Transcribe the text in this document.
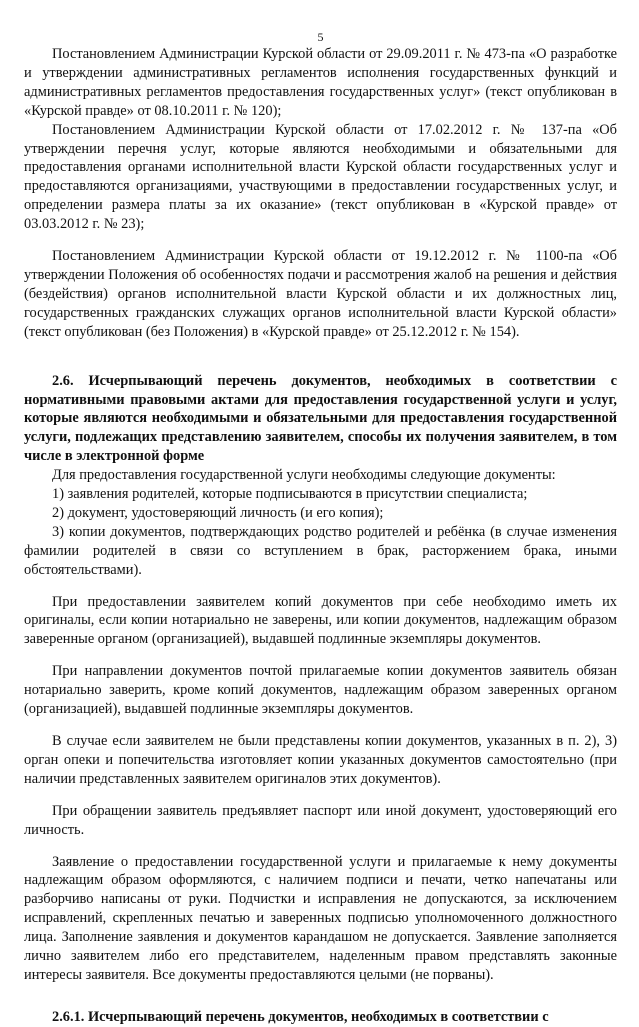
5

Постановлением Администрации Курской области от 29.09.2011 г. № 473-па «О разработке и утверждении административных регламентов исполнения государственных функций и административных регламентов предоставления государственных услуг» (текст опубликован в «Курской правде» от 08.10.2011 г. № 120);

Постановлением Администрации Курской области от 17.02.2012 г. № 137-па «Об утверждении перечня услуг, которые являются необходимыми и обязательными для предоставления органами исполнительной власти Курской области государственных услуг и предоставляются организациями, участвующими в предоставлении государственных услуг, и определении размера платы за их оказание» (текст опубликован в «Курской правде» от 03.03.2012 г. № 23);

Постановлением Администрации Курской области от 19.12.2012 г. № 1100-па «Об утверждении Положения об особенностях подачи и рассмотрения жалоб на решения и действия (бездействия) органов исполнительной власти Курской области и их должностных лиц, государственных гражданских служащих органов исполнительной власти Курской области» (текст опубликован (без Положения) в «Курской правде» от 25.12.2012 г. № 154).

2.6. Исчерпывающий перечень документов, необходимых в соответствии с нормативными правовыми актами для предоставления государственной услуги и услуг, которые являются необходимыми и обязательными для предоставления государственной услуги, подлежащих представлению заявителем, способы их получения заявителем, в том числе в электронной форме

Для предоставления государственной услуги необходимы следующие документы:

1) заявления родителей, которые подписываются в присутствии специалиста;

2) документ, удостоверяющий личность (и его копия);

3) копии документов, подтверждающих родство родителей и ребёнка (в случае изменения фамилии родителей в связи со вступлением в брак, расторжением брака, иными обстоятельствами).

При предоставлении заявителем копий документов при себе необходимо иметь их оригиналы, если копии нотариально не заверены, или копии документов, надлежащим образом заверенные органом (организацией), выдавшей подлинные экземпляры документов.

При направлении документов почтой прилагаемые копии документов заявитель обязан нотариально заверить, кроме копий документов, надлежащим образом заверенных органом (организацией), выдавшей подлинные экземпляры документов.

В случае если заявителем не были представлены копии документов, указанных в п. 2), 3) орган опеки и попечительства изготовляет копии указанных документов самостоятельно (при наличии представленных заявителем оригиналов этих документов).

При обращении заявитель предъявляет паспорт или иной документ, удостоверяющий его личность.

Заявление о предоставлении государственной услуги и прилагаемые к нему документы надлежащим образом оформляются, с наличием подписи и печати, четко напечатаны или разборчиво написаны от руки. Подчистки и исправления не допускаются, за исключением исправлений, скрепленных печатью и заверенных подписью уполномоченного должностного лица. Заполнение заявления и документов карандашом не допускается. Заявление заполняется лично заявителем либо его представителем, наделенным правом представлять законные интересы заявителя. Все документы предоставляются целыми (не порваны).

2.6.1. Исчерпывающий перечень документов, необходимых в соответствии с
